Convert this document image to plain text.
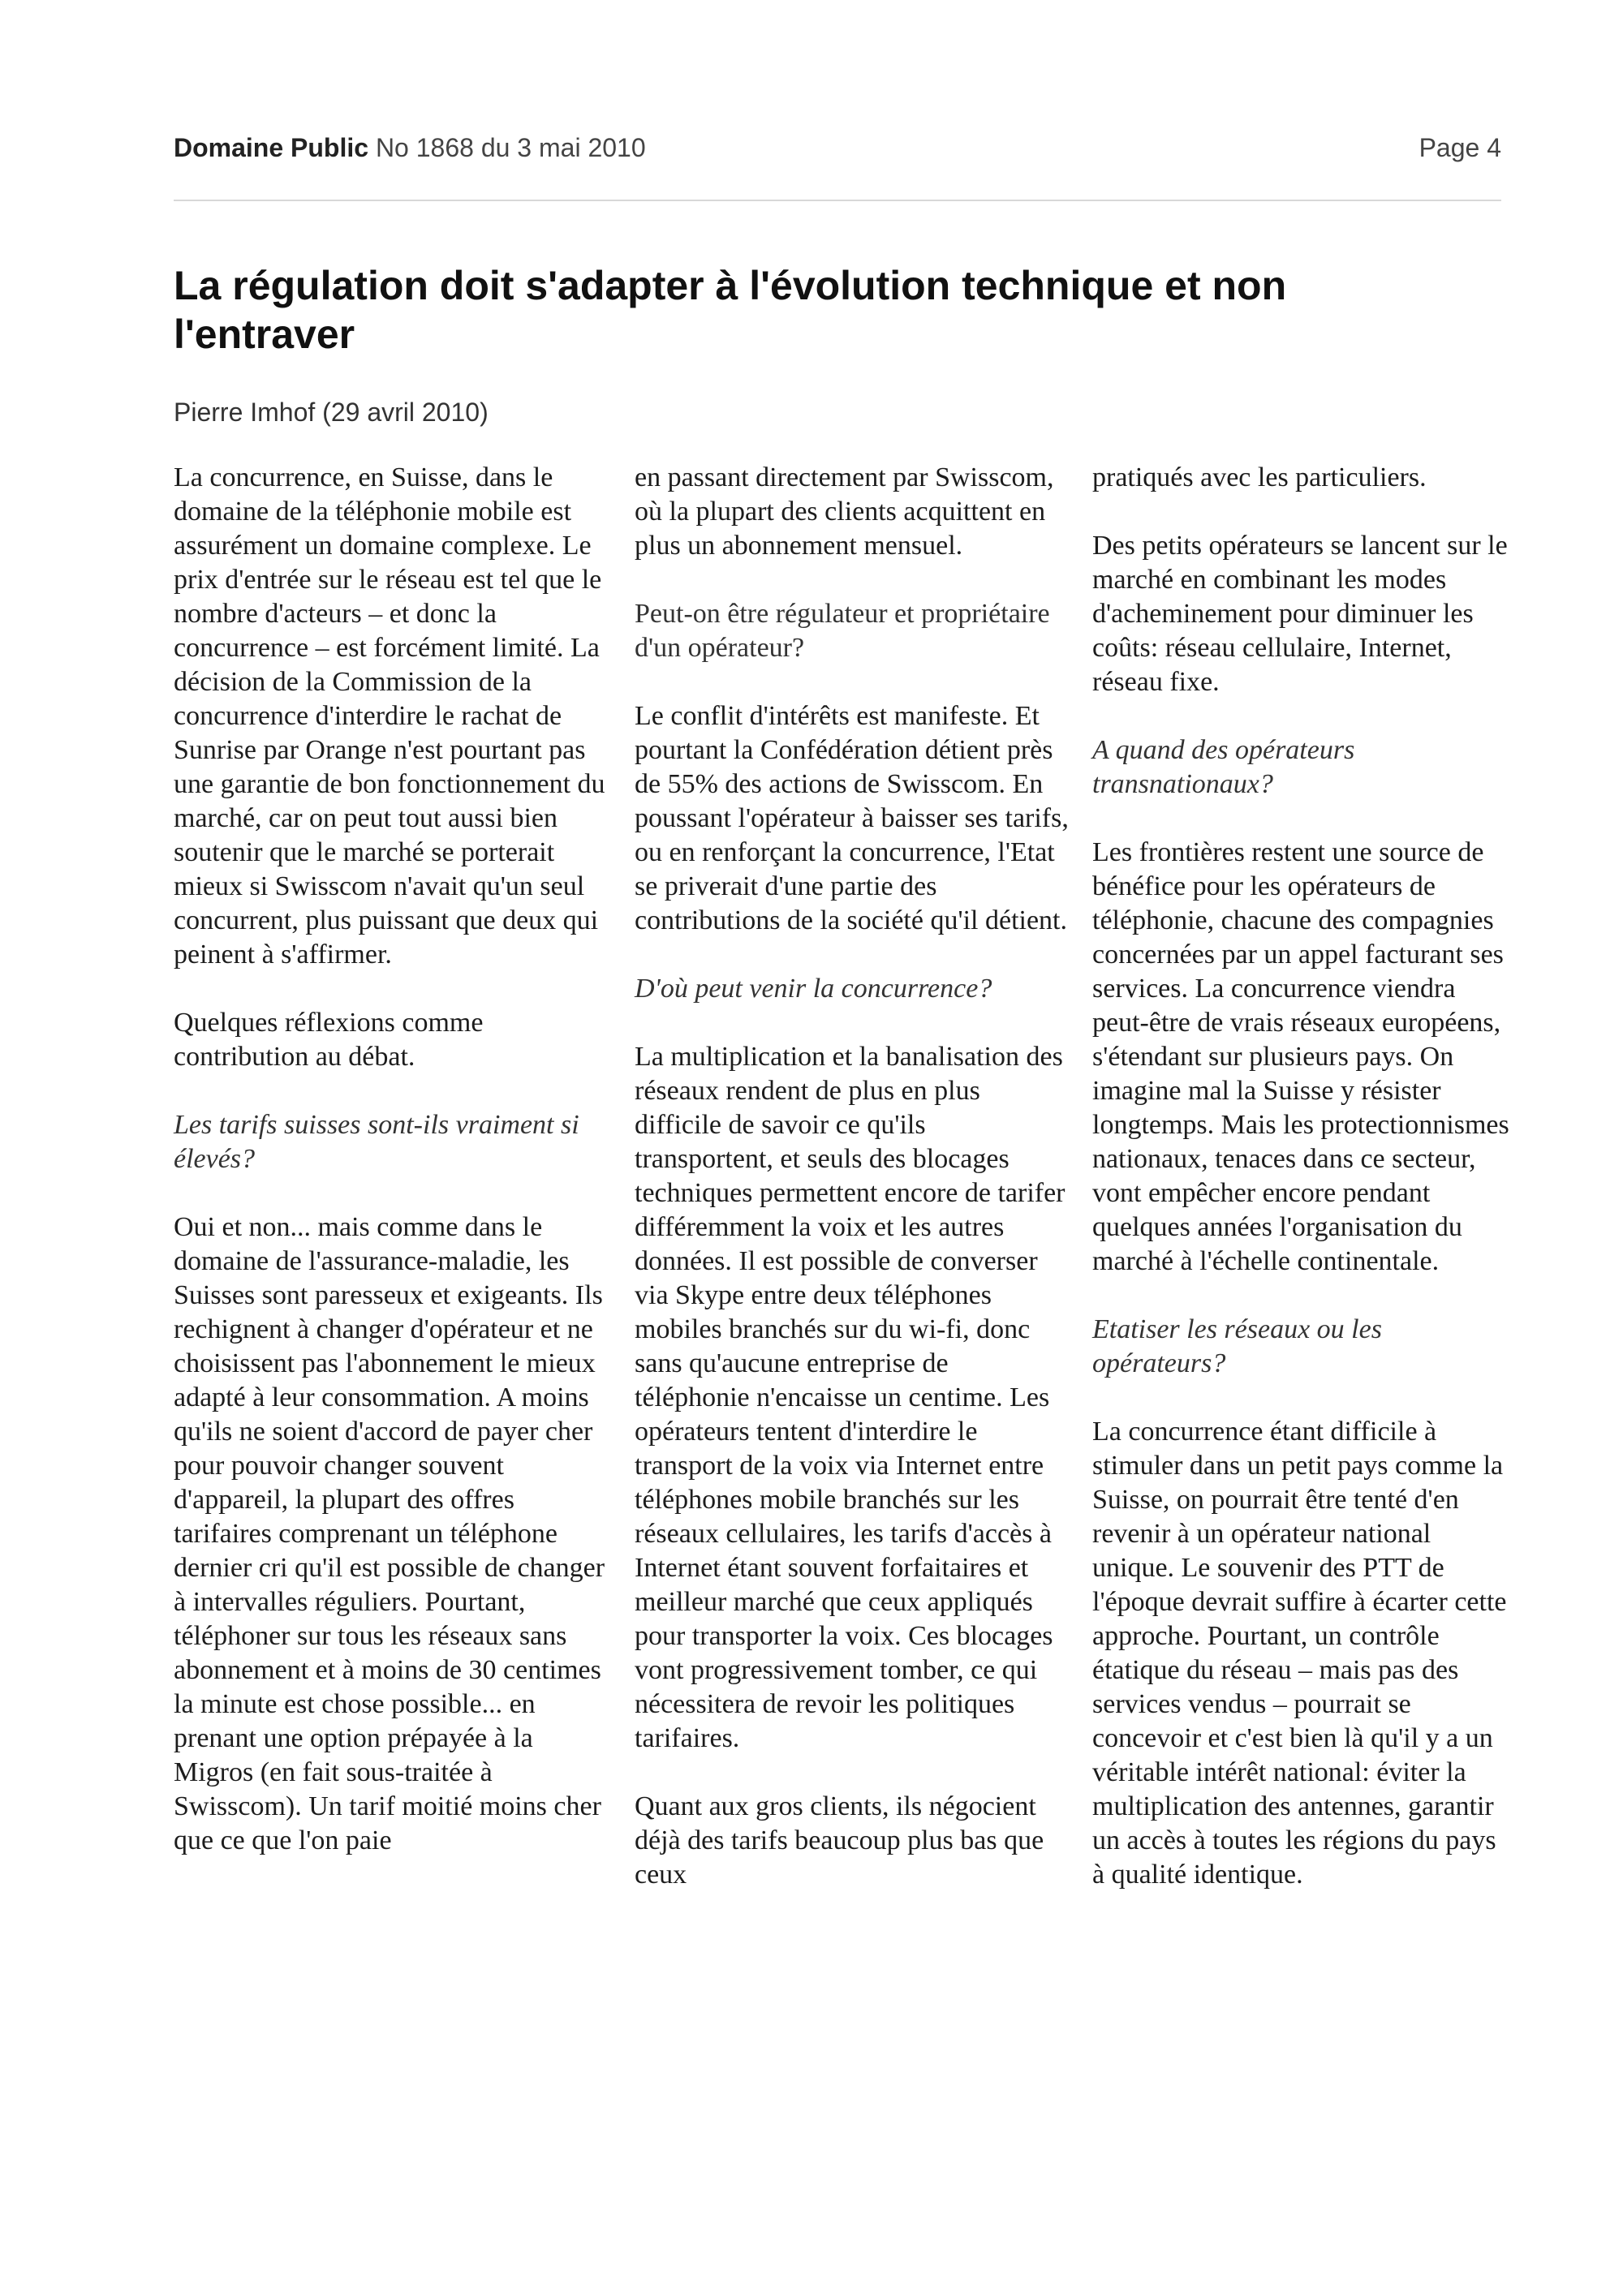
Domaine Public No 1868 du 3 mai 2010	Page 4
La régulation doit s'adapter à l'évolution technique et non l'entraver
Pierre Imhof (29 avril 2010)

La concurrence, en Suisse, dans le domaine de la téléphonie mobile est assurément un domaine complexe. Le prix d'entrée sur le réseau est tel que le nombre d'acteurs – et donc la concurrence – est forcément limité. La décision de la Commission de la concurrence d'interdire le rachat de Sunrise par Orange n'est pourtant pas une garantie de bon fonctionnement du marché, car on peut tout aussi bien soutenir que le marché se porterait mieux si Swisscom n'avait qu'un seul concurrent, plus puissant que deux qui peinent à s'affirmer.

Quelques réflexions comme contribution au débat.

Les tarifs suisses sont-ils vraiment si élevés?

Oui et non... mais comme dans le domaine de l'assurance-maladie, les Suisses sont paresseux et exigeants. Ils rechignent à changer d'opérateur et ne choisissent pas l'abonnement le mieux adapté à leur consommation. A moins qu'ils ne soient d'accord de payer cher pour pouvoir changer souvent d'appareil, la plupart des offres tarifaires comprenant un téléphone dernier cri qu'il est possible de changer à intervalles réguliers. Pourtant, téléphoner sur tous les réseaux sans abonnement et à moins de 30 centimes la minute est chose possible... en prenant une option prépayée à la Migros (en fait sous-traitée à Swisscom). Un tarif moitié moins cher que ce que l'on paie

en passant directement par Swisscom, où la plupart des clients acquittent en plus un abonnement mensuel.

Peut-on être régulateur et propriétaire d'un opérateur?

Le conflit d'intérêts est manifeste. Et pourtant la Confédération détient près de 55% des actions de Swisscom. En poussant l'opérateur à baisser ses tarifs, ou en renforçant la concurrence, l'Etat se priverait d'une partie des contributions de la société qu'il détient.

D'où peut venir la concurrence?

La multiplication et la banalisation des réseaux rendent de plus en plus difficile de savoir ce qu'ils transportent, et seuls des blocages techniques permettent encore de tarifer différemment la voix et les autres données. Il est possible de converser via Skype entre deux téléphones mobiles branchés sur du wi-fi, donc sans qu'aucune entreprise de téléphonie n'encaisse un centime. Les opérateurs tentent d'interdire le transport de la voix via Internet entre téléphones mobile branchés sur les réseaux cellulaires, les tarifs d'accès à Internet étant souvent forfaitaires et meilleur marché que ceux appliqués pour transporter la voix. Ces blocages vont progressivement tomber, ce qui nécessitera de revoir les politiques tarifaires.

Quant aux gros clients, ils négocient déjà des tarifs beaucoup plus bas que ceux

pratiqués avec les particuliers.

Des petits opérateurs se lancent sur le marché en combinant les modes d'acheminement pour diminuer les coûts: réseau cellulaire, Internet, réseau fixe.

A quand des opérateurs transnationaux?

Les frontières restent une source de bénéfice pour les opérateurs de téléphonie, chacune des compagnies concernées par un appel facturant ses services. La concurrence viendra peut-être de vrais réseaux européens, s'étendant sur plusieurs pays. On imagine mal la Suisse y résister longtemps. Mais les protectionnismes nationaux, tenaces dans ce secteur, vont empêcher encore pendant quelques années l'organisation du marché à l'échelle continentale.

Etatiser les réseaux ou les opérateurs?

La concurrence étant difficile à stimuler dans un petit pays comme la Suisse, on pourrait être tenté d'en revenir à un opérateur national unique. Le souvenir des PTT de l'époque devrait suffire à écarter cette approche. Pourtant, un contrôle étatique du réseau – mais pas des services vendus – pourrait se concevoir et c'est bien là qu'il y a un véritable intérêt national: éviter la multiplication des antennes, garantir un accès à toutes les régions du pays à qualité identique.
